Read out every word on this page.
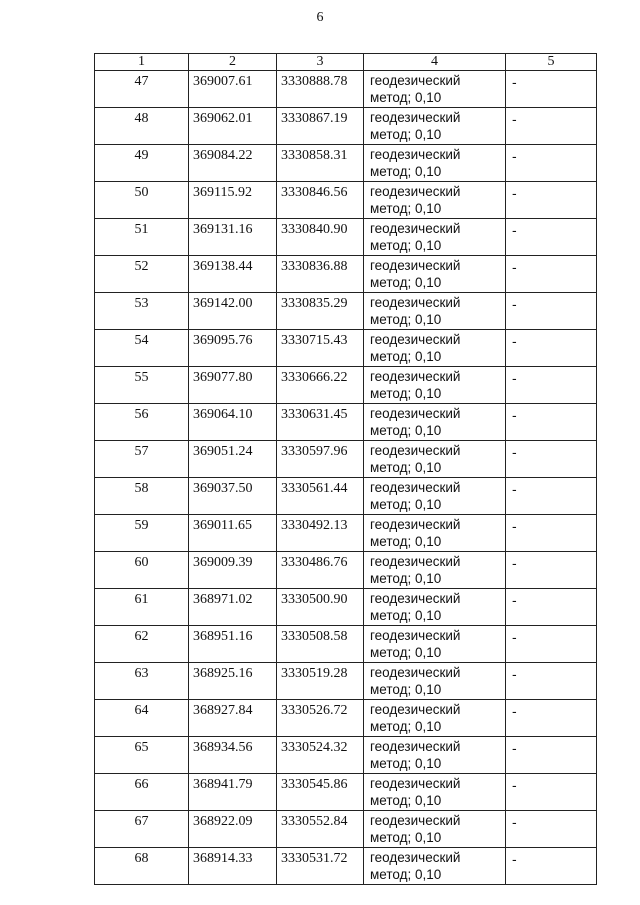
6
1	2	3	4	5
47	369007.61	3330888.78	геодезический
метод; 0,10	-
48	369062.01	3330867.19	геодезический
метод; 0,10	-
49	369084.22	3330858.31	геодезический
метод; 0,10	-
50	369115.92	3330846.56	геодезический
метод; 0,10	-
51	369131.16	3330840.90	геодезический
метод; 0,10	-
52	369138.44	3330836.88	геодезический
метод; 0,10	-
53	369142.00	3330835.29	геодезический
метод; 0,10	-
54	369095.76	3330715.43	геодезический
метод; 0,10	-
55	369077.80	3330666.22	геодезический
метод; 0,10	-
56	369064.10	3330631.45	геодезический
метод; 0,10	-
57	369051.24	3330597.96	геодезический
метод; 0,10	-
58	369037.50	3330561.44	геодезический
метод; 0,10	-
59	369011.65	3330492.13	геодезический
метод; 0,10	-
60	369009.39	3330486.76	геодезический
метод; 0,10	-
61	368971.02	3330500.90	геодезический
метод; 0,10	-
62	368951.16	3330508.58	геодезический
метод; 0,10	-
63	368925.16	3330519.28	геодезический
метод; 0,10	-
64	368927.84	3330526.72	геодезический
метод; 0,10	-
65	368934.56	3330524.32	геодезический
метод; 0,10	-
66	368941.79	3330545.86	геодезический
метод; 0,10	-
67	368922.09	3330552.84	геодезический
метод; 0,10	-
68	368914.33	3330531.72	геодезический
метод; 0,10	-
